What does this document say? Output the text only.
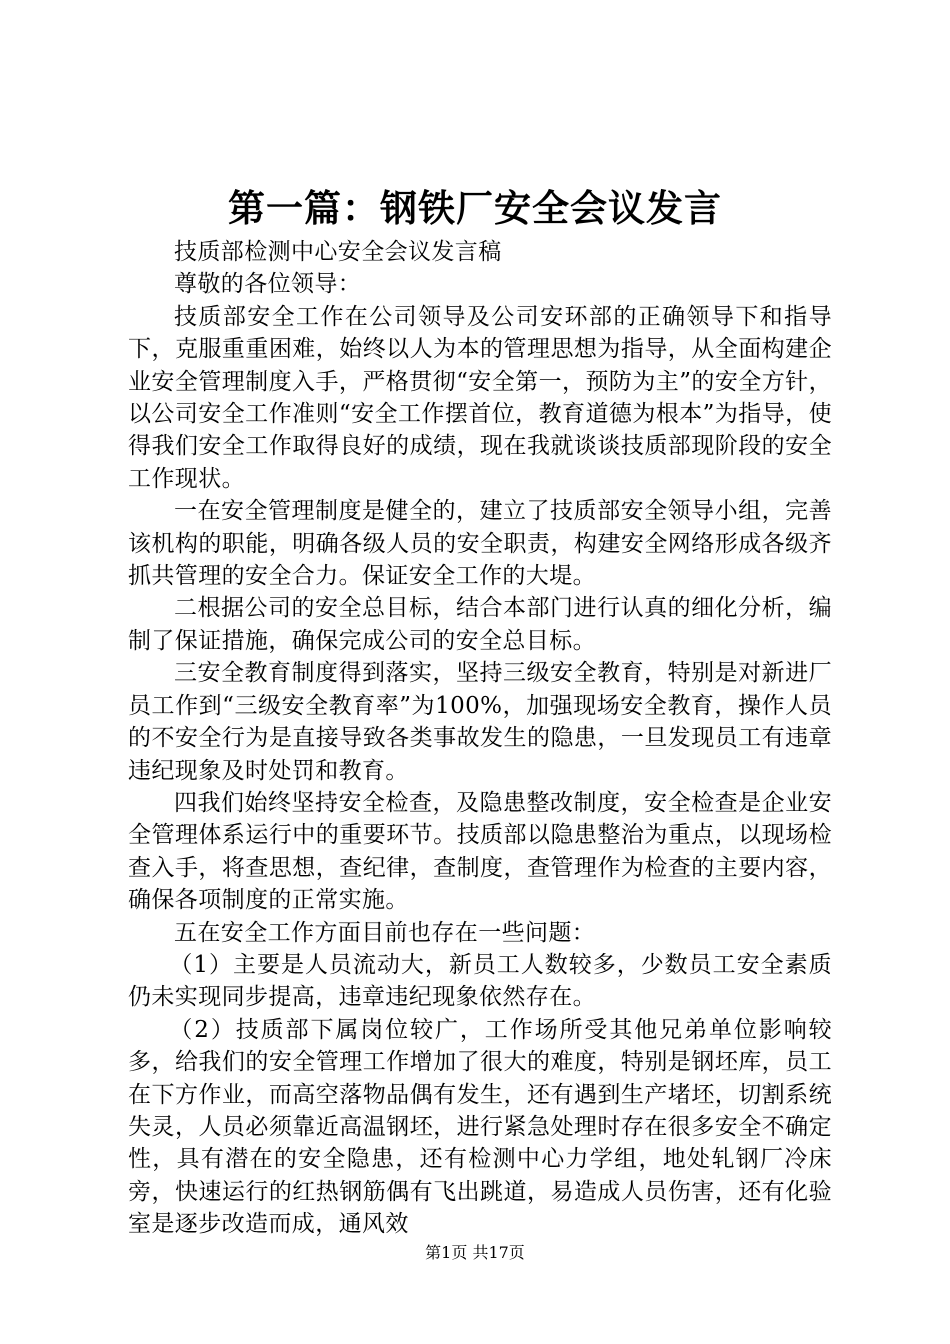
第一篇：钢铁厂安全会议发言

技质部检测中心安全会议发言稿

尊敬的各位领导：

技质部安全工作在公司领导及公司安环部的正确领导下和指导下，克服重重困难，始终以人为本的管理思想为指导，从全面构建企业安全管理制度入手，严格贯彻“安全第一，预防为主”的安全方针，以公司安全工作准则“安全工作摆首位，教育道德为根本”为指导，使得我们安全工作取得良好的成绩，现在我就谈谈技质部现阶段的安全工作现状。

一在安全管理制度是健全的，建立了技质部安全领导小组，完善该机构的职能，明确各级人员的安全职责，构建安全网络形成各级齐抓共管理的安全合力。保证安全工作的大堤。

二根据公司的安全总目标，结合本部门进行认真的细化分析，编制了保证措施，确保完成公司的安全总目标。

三安全教育制度得到落实，坚持三级安全教育，特别是对新进厂员工作到“三级安全教育率”为100%，加强现场安全教育，操作人员的不安全行为是直接导致各类事故发生的隐患，一旦发现员工有违章违纪现象及时处罚和教育。

四我们始终坚持安全检查，及隐患整改制度，安全检查是企业安全管理体系运行中的重要环节。技质部以隐患整治为重点，以现场检查入手，将查思想，查纪律，查制度，查管理作为检查的主要内容，确保各项制度的正常实施。

五在安全工作方面目前也存在一些问题：

（1）主要是人员流动大，新员工人数较多，少数员工安全素质仍未实现同步提高，违章违纪现象依然存在。

（2）技质部下属岗位较广，工作场所受其他兄弟单位影响较多，给我们的安全管理工作增加了很大的难度，特别是钢坯库，员工在下方作业，而高空落物品偶有发生，还有遇到生产堵坯，切割系统失灵，人员必须靠近高温钢坯，进行紧急处理时存在很多安全不确定性，具有潜在的安全隐患，还有检测中心力学组，地处轧钢厂冷床旁，快速运行的红热钢筋偶有飞出跳道，易造成人员伤害，还有化验室是逐步改造而成，通风效

第1页 共17页
